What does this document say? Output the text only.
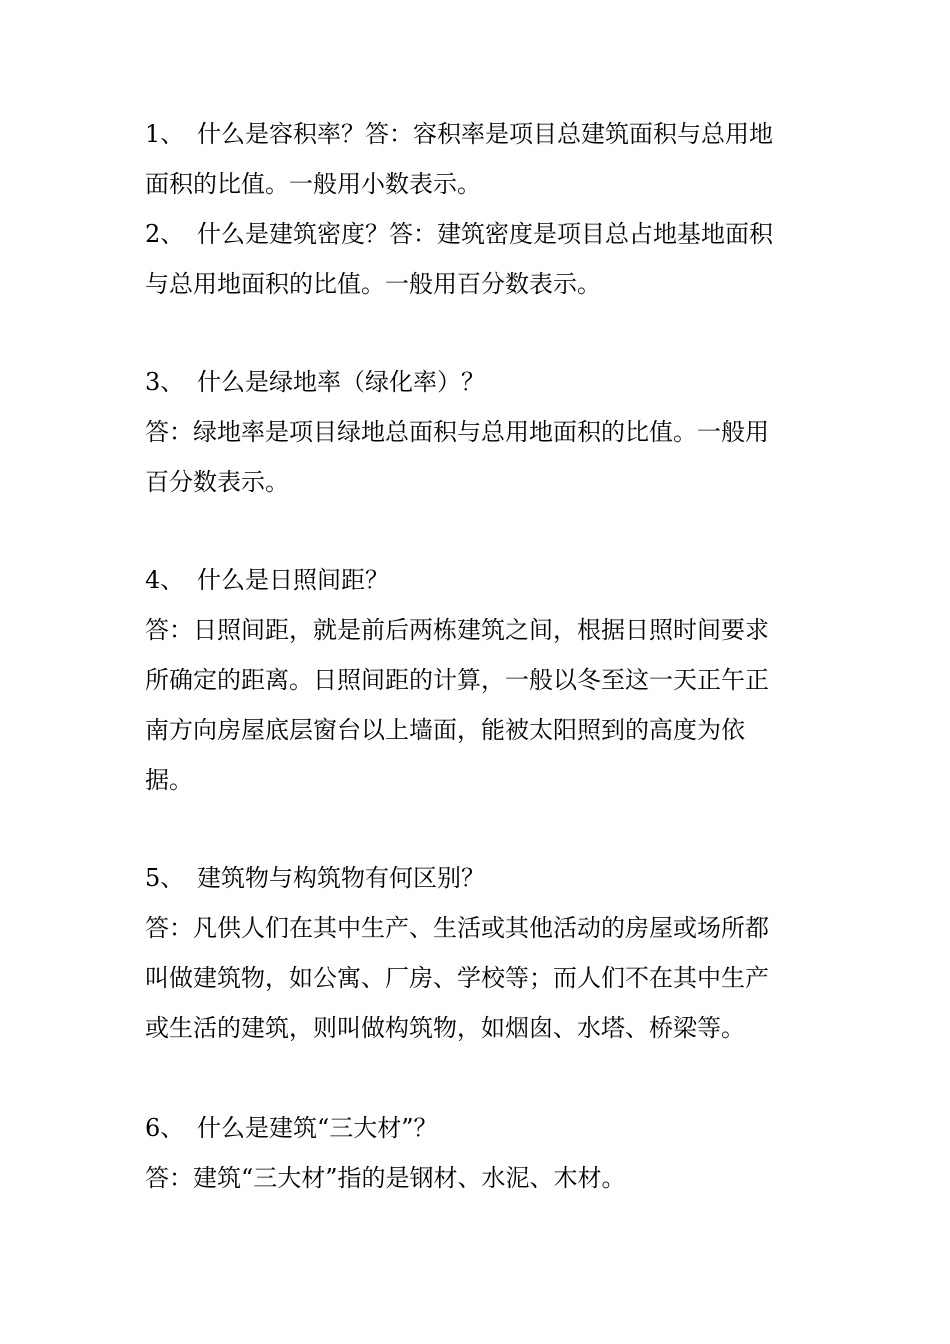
1、 什么是容积率？答：容积率是项目总建筑面积与总用地
面积的比值。一般用小数表示。
2、 什么是建筑密度？答：建筑密度是项目总占地基地面积
与总用地面积的比值。一般用百分数表示。
3、 什么是绿地率（绿化率）？
答：绿地率是项目绿地总面积与总用地面积的比值。一般用
百分数表示。
4、 什么是日照间距？
答：日照间距，就是前后两栋建筑之间，根据日照时间要求
所确定的距离。日照间距的计算，一般以冬至这一天正午正
南方向房屋底层窗台以上墙面，能被太阳照到的高度为依
据。
5、 建筑物与构筑物有何区别？
答：凡供人们在其中生产、生活或其他活动的房屋或场所都
叫做建筑物，如公寓、厂房、学校等；而人们不在其中生产
或生活的建筑，则叫做构筑物，如烟囱、水塔、桥梁等。
6、 什么是建筑“三大材”？
答：建筑“三大材”指的是钢材、水泥、木材。
